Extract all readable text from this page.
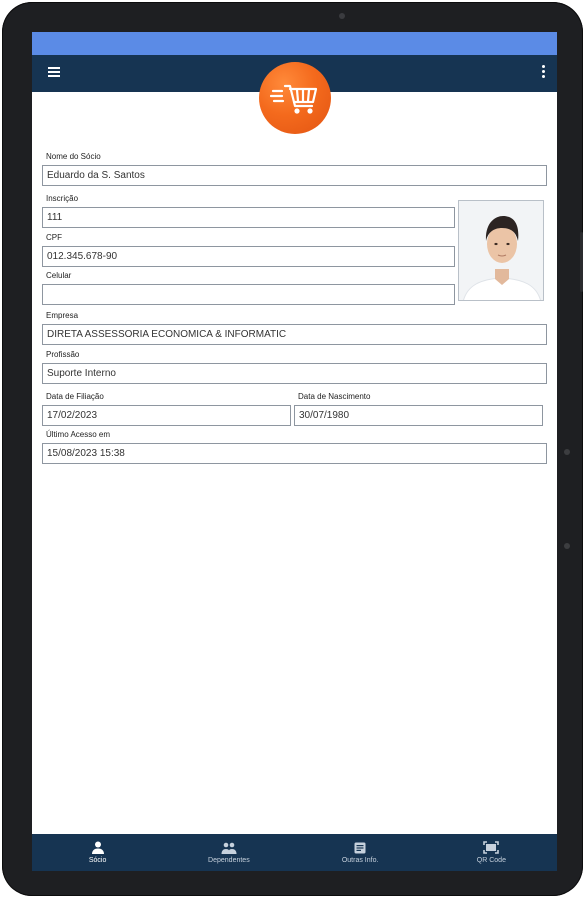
Nome do Sócio
Eduardo da S. Santos
Inscrição
111
CPF
012.345.678-90
Celular
Empresa
DIRETA ASSESSORIA ECONOMICA & INFORMATIC
Profissão
Suporte Interno
Data de Filiação
17/02/2023
Data de Nascimento
30/07/1980
Último Acesso em
15/08/2023 15:38
Sócio	Dependentes	Outras Info.	QR Code
